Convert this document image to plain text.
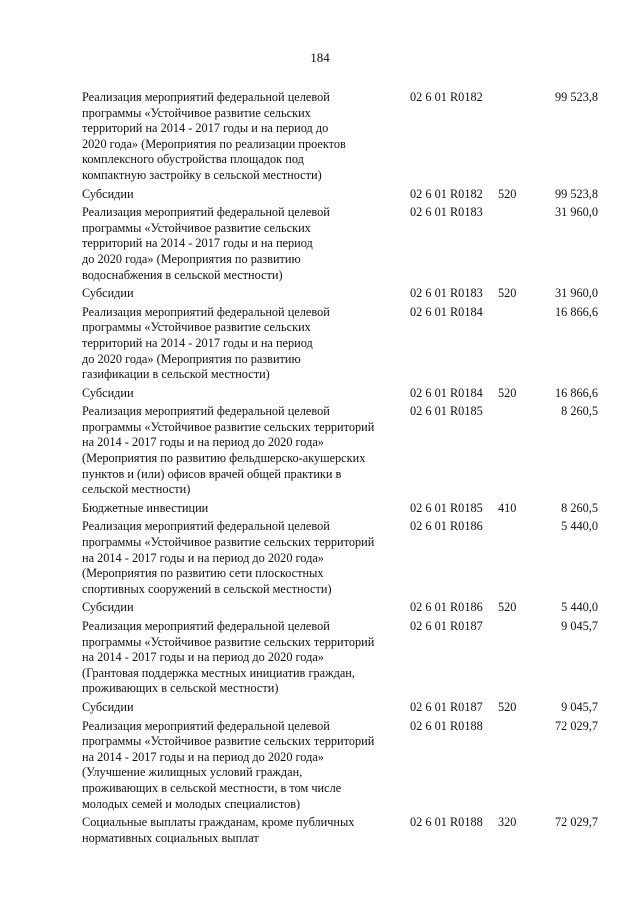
184
Реализация мероприятий федеральной целевой
программы «Устойчивое развитие сельских
территорий на 2014 - 2017 годы и на период до
2020 года» (Мероприятия по реализации проектов
комплексного обустройства площадок под
компактную застройку в сельской местности)
02 6 01 R0182	99 523,8
Субсидии	02 6 01 R0182 520	99 523,8
Реализация мероприятий федеральной целевой
программы «Устойчивое развитие сельских
территорий на 2014 - 2017 годы и на период
до 2020 года» (Мероприятия по развитию
водоснабжения в сельской местности)
02 6 01 R0183	31 960,0
Субсидии	02 6 01 R0183 520	31 960,0
Реализация мероприятий федеральной целевой
программы «Устойчивое развитие сельских
территорий на 2014 - 2017 годы и на период
до 2020 года» (Мероприятия по развитию
газификации в сельской местности)
02 6 01 R0184	16 866,6
Субсидии	02 6 01 R0184 520	16 866,6
Реализация мероприятий федеральной целевой
программы «Устойчивое развитие сельских территорий
на 2014 - 2017 годы и на период до 2020 года»
(Мероприятия по развитию фельдшерско-акушерских
пунктов и (или) офисов врачей общей практики в
сельской местности)
02 6 01 R0185	8 260,5
Бюджетные инвестиции	02 6 01 R0185 410	8 260,5
Реализация мероприятий федеральной целевой
программы «Устойчивое развитие сельских территорий
на 2014 - 2017 годы и на период до 2020 года»
(Мероприятия по развитию сети плоскостных
спортивных сооружений в сельской местности)
02 6 01 R0186	5 440,0
Субсидии	02 6 01 R0186 520	5 440,0
Реализация мероприятий федеральной целевой
программы «Устойчивое развитие сельских территорий
на 2014 - 2017 годы и на период до 2020 года»
(Грантовая поддержка местных инициатив граждан,
проживающих в сельской местности)
02 6 01 R0187	9 045,7
Субсидии	02 6 01 R0187 520	9 045,7
Реализация мероприятий федеральной целевой
программы «Устойчивое развитие сельских территорий
на 2014 - 2017 годы и на период до 2020 года»
(Улучшение жилищных условий граждан,
проживающих в сельской местности, в том числе
молодых семей и молодых специалистов)
02 6 01 R0188	72 029,7
Социальные выплаты гражданам, кроме публичных
нормативных социальных выплат
02 6 01 R0188 320	72 029,7
